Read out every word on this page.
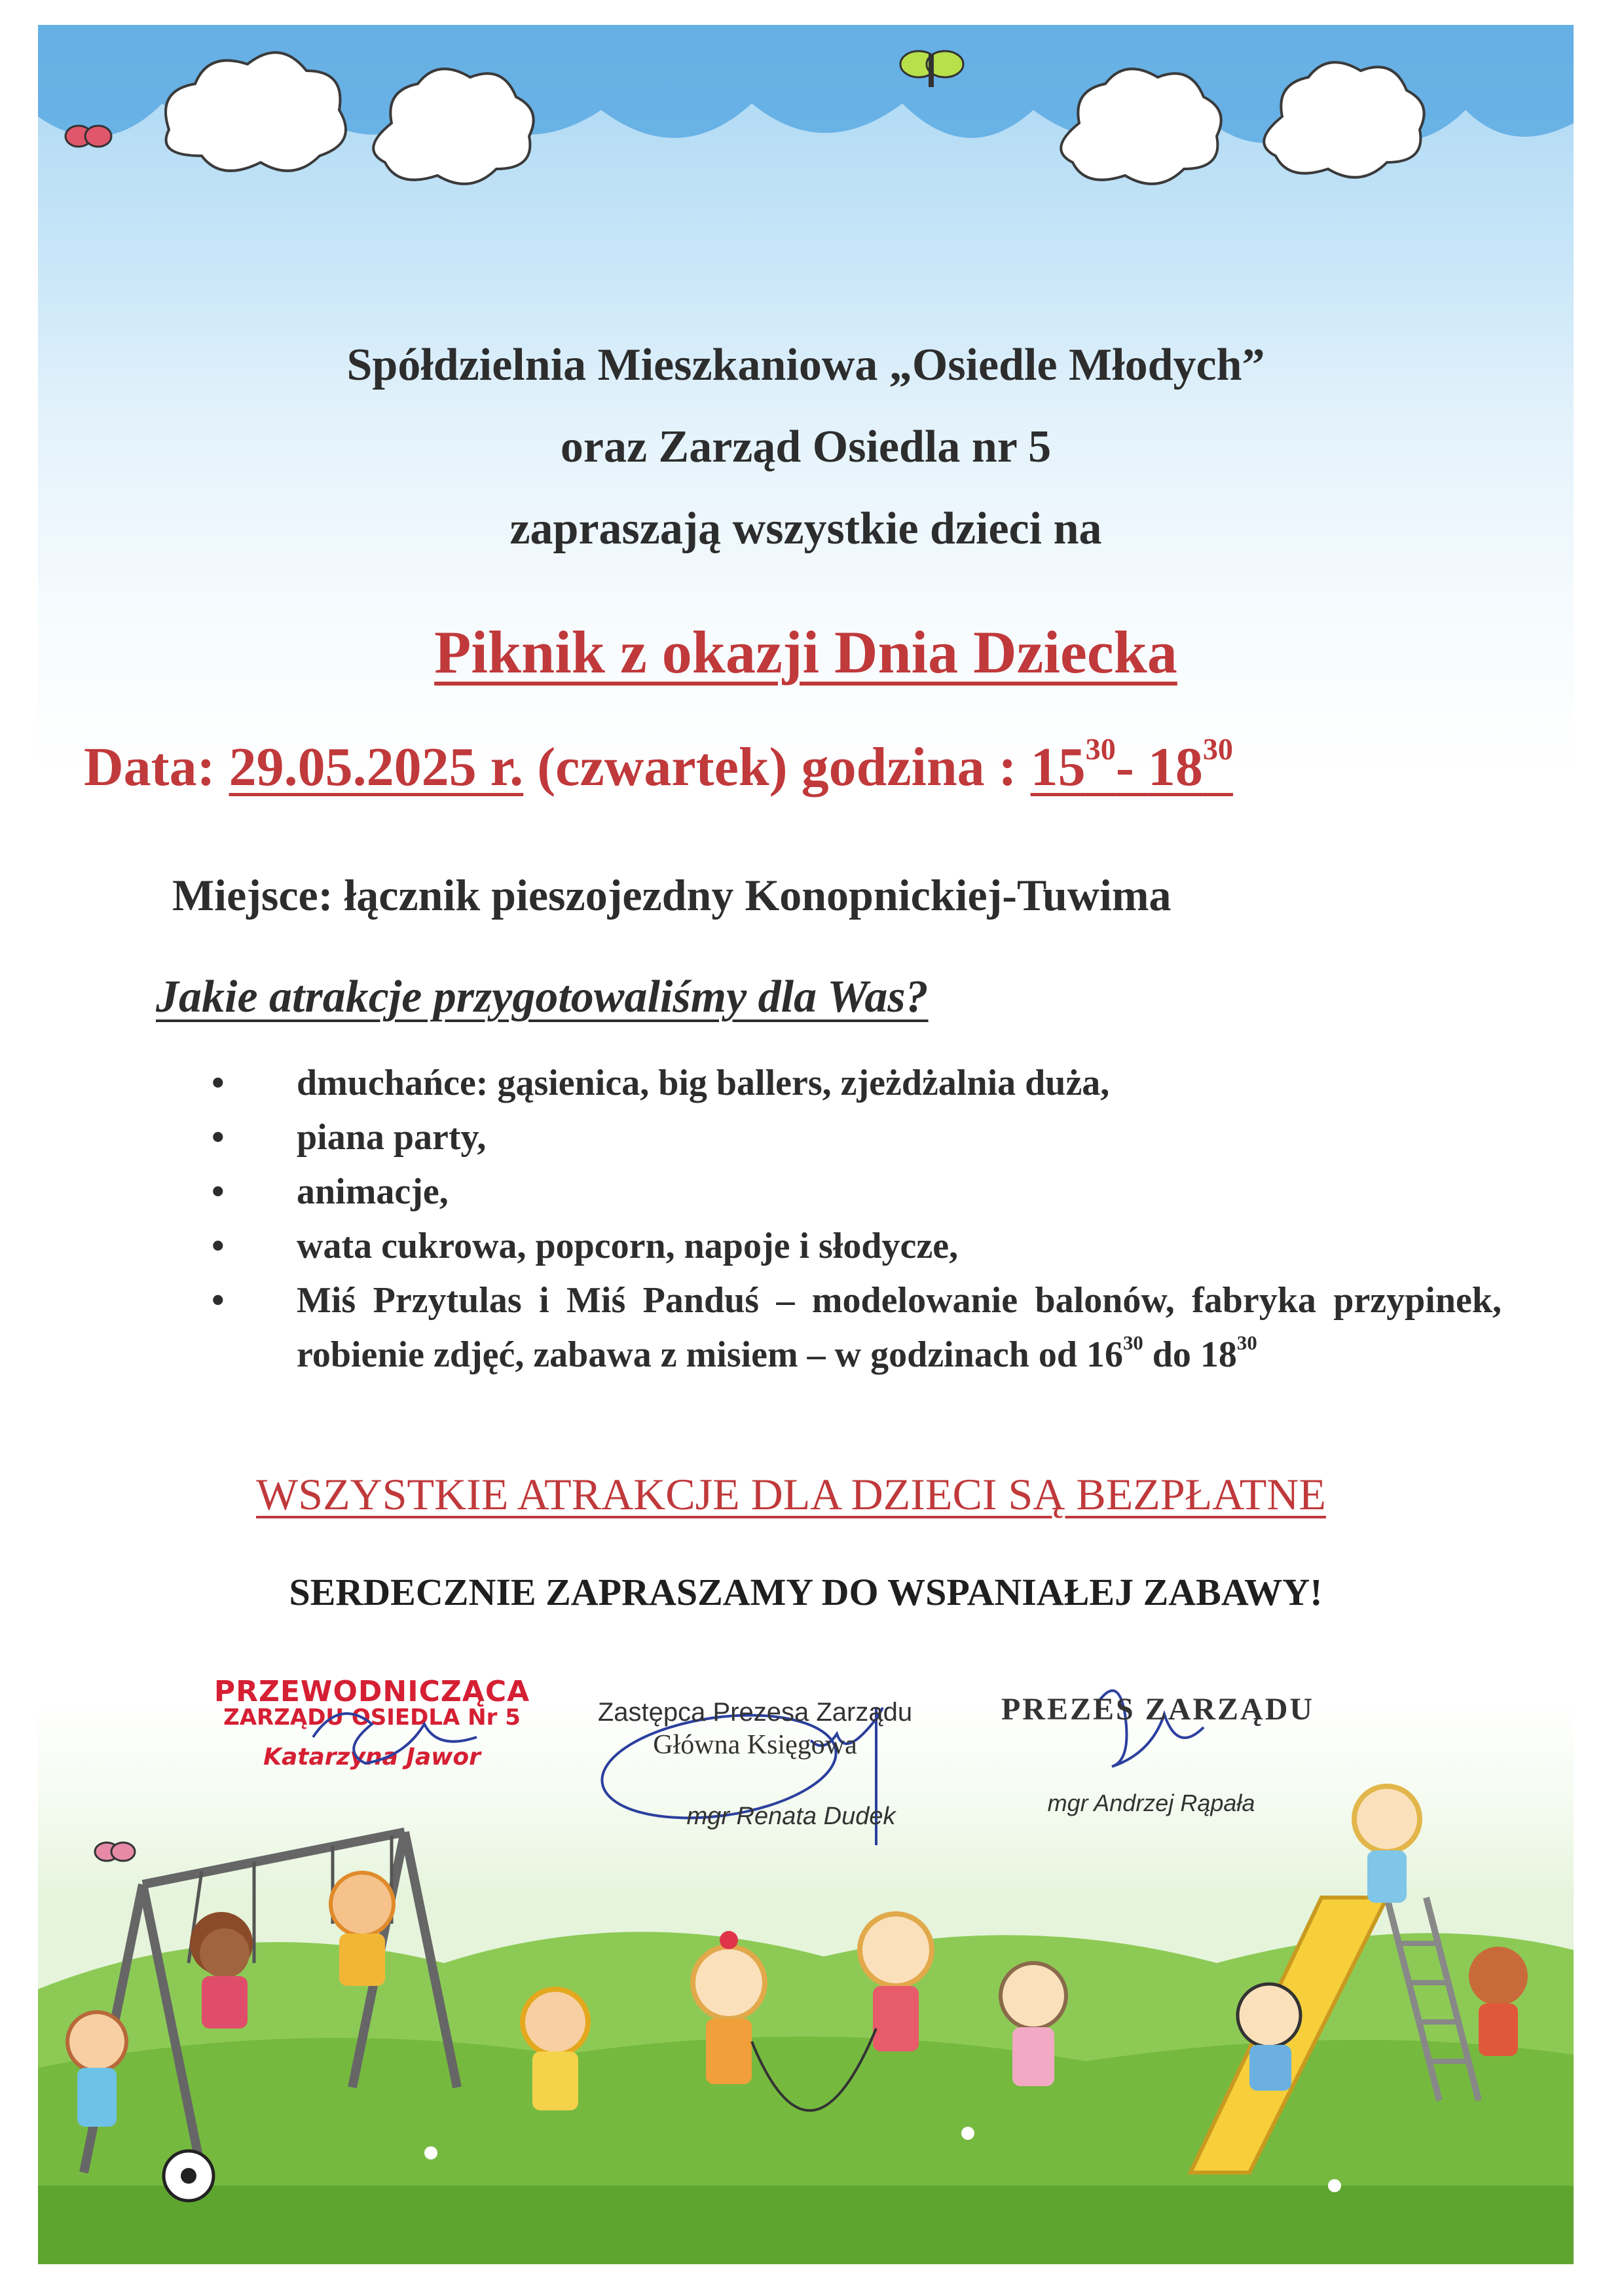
Spółdzielnia Mieszkaniowa „Osiedle Młodych”
oraz Zarząd Osiedla nr 5
zapraszają wszystkie dzieci na
Piknik z okazji Dnia Dziecka
Data: 29.05.2025 r. (czwartek) godzina : $15^{30}-$ $18^{30}$
Miejsce: łącznik pieszojezdny Konopnickiej-Tuwima
Jakie atrakcje przygotowaliśmy dla Was?
• dmuchańce: gąsienica, big ballers, zjeżdżalnia duża,
• piana party,
• animacje,
• wata cukrowa, popcorn, napoje i słodycze,
• Miś Przytulas i Miś Panduś – modelowanie balonów, fabryka przypinek, robienie zdjęć, zabawa z misiem – w godzinach od $16^{30}$ do $18^{30}$
WSZYSTKIE ATRAKCJE DLA DZIECI SĄ BEZPŁATNE
SERDECZNIE ZAPRASZAMY DO WSPANIAŁEJ ZABAWY!
PRZEWODNICZĄCA
ZARZĄDU OSIEDLA Nr 5
Katarzyna Jawor
Zastępca Prezesa Zarządu
Główna Księgowa
mgr Renata Dudek
PREZES ZARZĄDU
mgr Andrzej Rąpała
